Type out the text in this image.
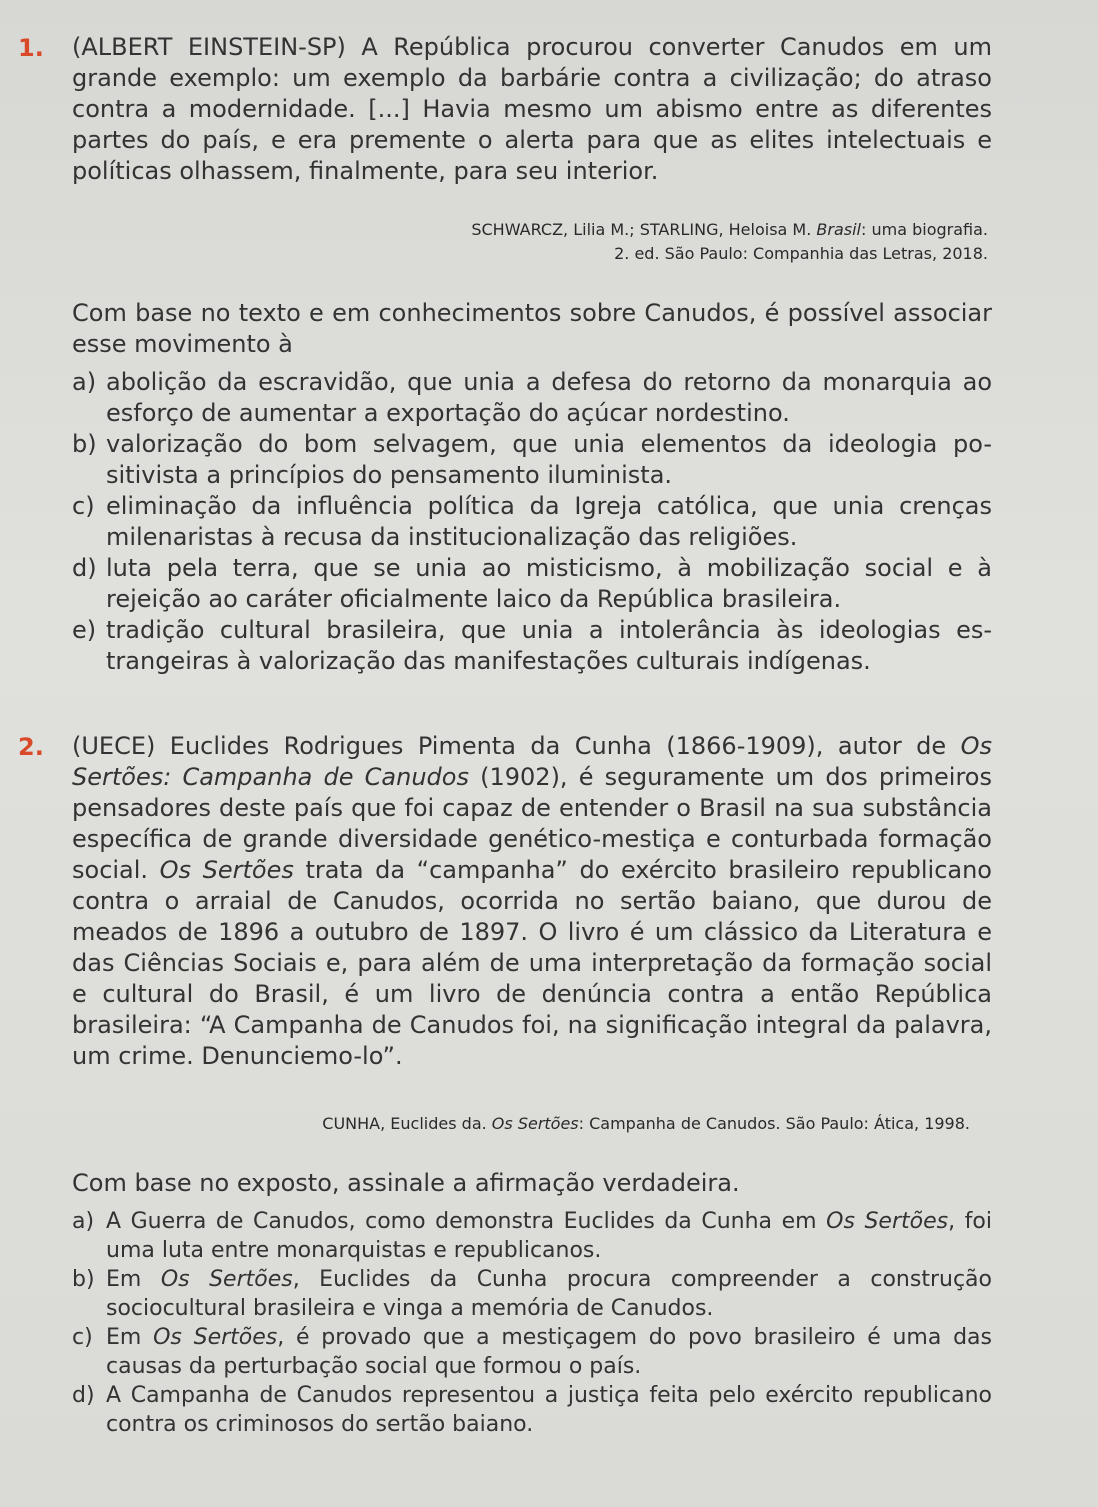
1. (ALBERT EINSTEIN-SP) A República procurou converter Canudos em um grande exemplo: um exemplo da barbárie contra a civilização; do atraso contra a modernidade. [...] Havia mesmo um abismo entre as diferentes partes do país, e era premente o alerta para que as elites intelectuais e políticas olhassem, finalmente, para seu interior.

SCHWARCZ, Lilia M.; STARLING, Heloisa M. Brasil: uma biografia.
2. ed. São Paulo: Companhia das Letras, 2018.

Com base no texto e em conhecimentos sobre Canudos, é possível associar esse movimento à

a) abolição da escravidão, que unia a defesa do retorno da monarquia ao esforço de aumentar a exportação do açúcar nordestino.
b) valorização do bom selvagem, que unia elementos da ideologia po-sitivista a princípios do pensamento iluminista.
c) eliminação da influência política da Igreja católica, que unia crenças milenaristas à recusa da institucionalização das religiões.
d) luta pela terra, que se unia ao misticismo, à mobilização social e à rejeição ao caráter oficialmente laico da República brasileira.
e) tradição cultural brasileira, que unia a intolerância às ideologias es-trangeiras à valorização das manifestações culturais indígenas.
2. (UECE) Euclides Rodrigues Pimenta da Cunha (1866-1909), autor de Os Sertões: Campanha de Canudos (1902), é seguramente um dos primeiros pensadores deste país que foi capaz de entender o Brasil na sua substância específica de grande diversidade genético-mestiça e conturbada formação social. Os Sertões trata da “campanha” do exército brasileiro republicano contra o arraial de Canudos, ocorrida no sertão baiano, que durou de meados de 1896 a outubro de 1897. O livro é um clássico da Literatura e das Ciências Sociais e, para além de uma interpretação da formação social e cultural do Brasil, é um livro de denúncia contra a então República brasileira: “A Campanha de Canudos foi, na significação integral da palavra, um crime. Denunciemo-lo”.

CUNHA, Euclides da. Os Sertões: Campanha de Canudos. São Paulo: Ática, 1998.

Com base no exposto, assinale a afirmação verdadeira.

a) A Guerra de Canudos, como demonstra Euclides da Cunha em Os Sertões, foi uma luta entre monarquistas e republicanos.
b) Em Os Sertões, Euclides da Cunha procura compreender a construção sociocultural brasileira e vinga a memória de Canudos.
c) Em Os Sertões, é provado que a mestiçagem do povo brasileiro é uma das causas da perturbação social que formou o país.
d) A Campanha de Canudos representou a justiça feita pelo exército republicano contra os criminosos do sertão baiano.
